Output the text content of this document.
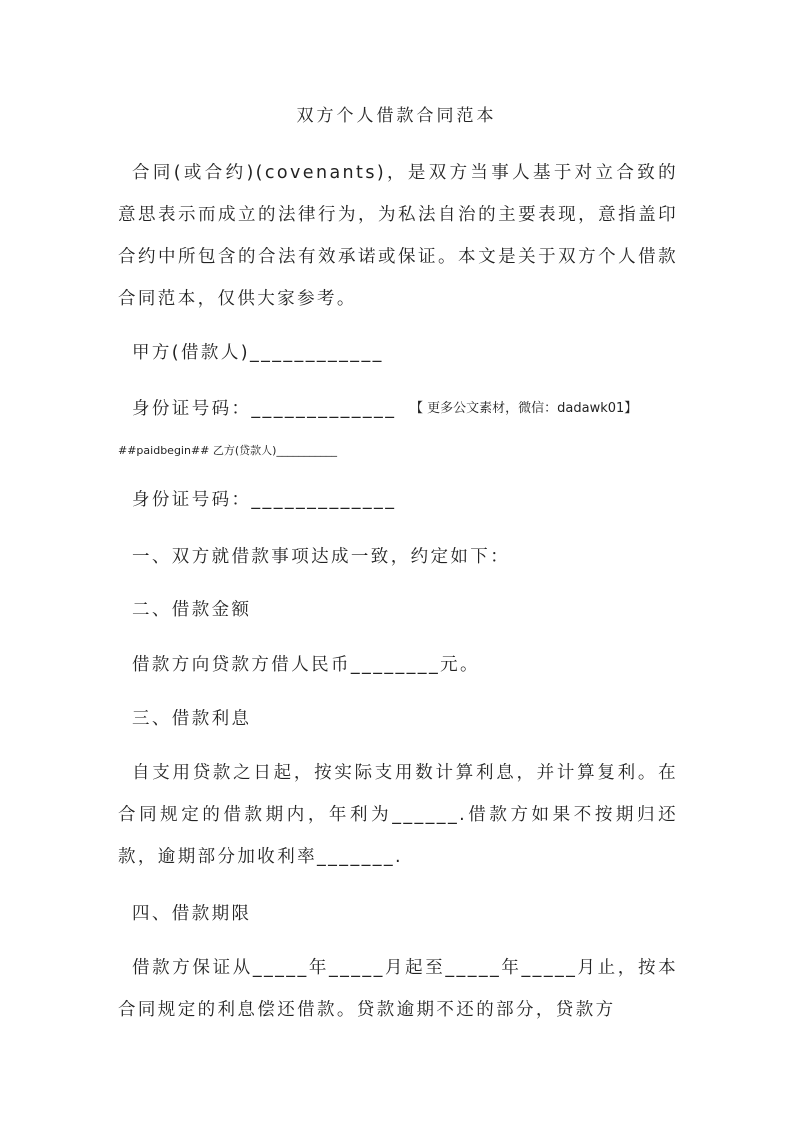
双方个人借款合同范本
合同(或合约)(covenants)，是双方当事人基于对立合致的意思表示而成立的法律行为，为私法自治的主要表现，意指盖印合约中所包含的合法有效承诺或保证。本文是关于双方个人借款合同范本，仅供大家参考。
甲方(借款人)____________
身份证号码：_____________ 【 更多公文素材，微信：dadawk01】
##paidbegin## 乙方(贷款人)___________
身份证号码：_____________
一、双方就借款事项达成一致，约定如下：
二、借款金额
借款方向贷款方借人民币________元。
三、借款利息
自支用贷款之日起，按实际支用数计算利息，并计算复利。在合同规定的借款期内，年利为______.借款方如果不按期归还款，逾期部分加收利率_______.
四、借款期限
借款方保证从_____年_____月起至_____年_____月止，按本合同规定的利息偿还借款。贷款逾期不还的部分，贷款方
